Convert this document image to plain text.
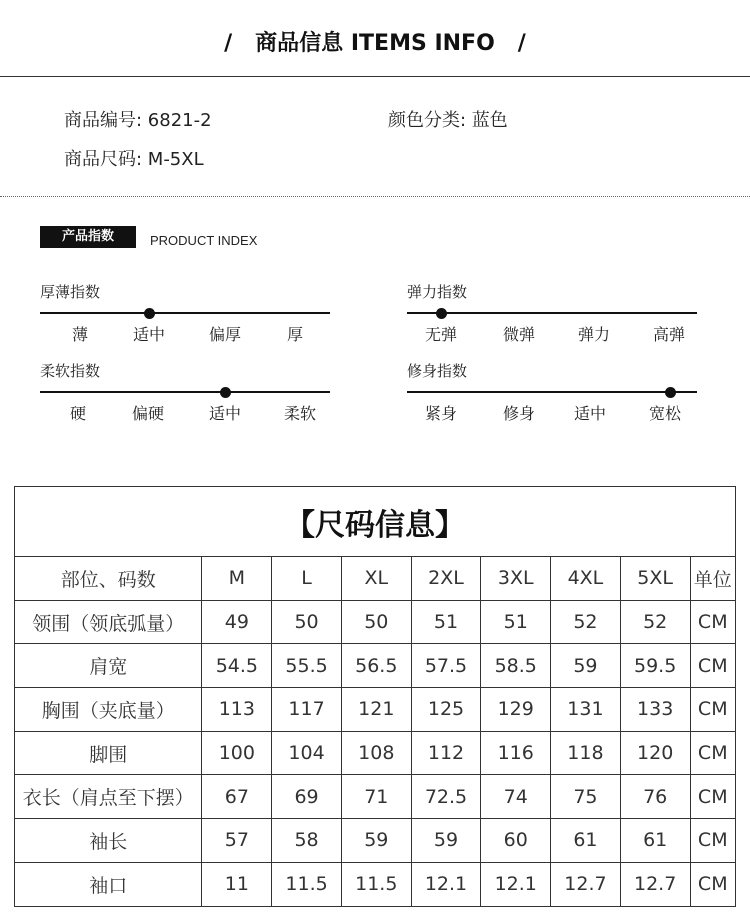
/   商品信息 ITEMS INFO   /
商品编号: 6821-2	颜色分类: 蓝色
商品尺码: M-5XL
产品指数	PRODUCT INDEX
厚薄指数
薄	适中	偏厚	厚
弹力指数
无弹	微弹	弹力	高弹
柔软指数
硬	偏硬	适中	柔软
修身指数
紧身	修身	适中	宽松
【尺码信息】								
部位、码数	M	L	XL	2XL	3XL	4XL	5XL	单位
领围（领底弧量）	49	50	50	51	51	52	52	CM
肩宽	54.5	55.5	56.5	57.5	58.5	59	59.5	CM
胸围（夹底量）	113	117	121	125	129	131	133	CM
脚围	100	104	108	112	116	118	120	CM
衣长（肩点至下摆）	67	69	71	72.5	74	75	76	CM
袖长	57	58	59	59	60	61	61	CM
袖口	11	11.5	11.5	12.1	12.1	12.7	12.7	CM
